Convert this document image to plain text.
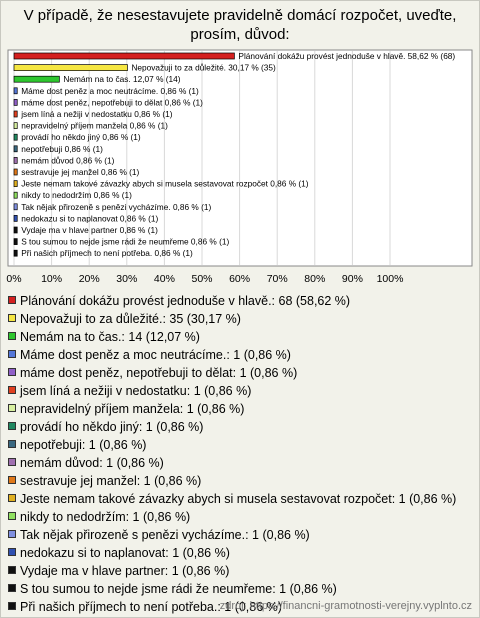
V případě, že nesestavujete pravidelně domácí rozpočet, uveďte, prosím, důvod:
0% 10% 20% 30% 40% 50% 60% 70% 80% 90% 100%
Plánování dokážu provést jednoduše v hlavě. 58,62 % (68)
Nepovažuji to za důležité. 30,17 % (35)
Nemám na to čas. 12,07 % (14)
Máme dost peněz a moc neutrácíme. 0,86 % (1)
máme dost peněz, nepotřebuji to dělat 0,86 % (1)
jsem líná a nežiji v nedostatku 0,86 % (1)
nepravidelný příjem manžela 0,86 % (1)
provádí ho někdo jiný 0,86 % (1)
nepotřebuji 0,86 % (1)
nemám důvod 0,86 % (1)
sestravuje jej manžel 0,86 % (1)
Jeste nemam takové závazky abych si musela sestavovat rozpočet 0,86 % (1)
nikdy to nedodržím 0,86 % (1)
Tak nějak přirozeně s penězi vycházíme. 0,86 % (1)
nedokazu si to naplanovat 0,86 % (1)
Vydaje ma v hlave partner 0,86 % (1)
S tou sumou to nejde jsme rádi že neumřeme 0,86 % (1)
Při našich příjmech to není potřeba. 0,86 % (1)
Plánování dokážu provést jednoduše v hlavě.: 68 (58,62 %)
Nepovažuji to za důležité.: 35 (30,17 %)
Nemám na to čas.: 14 (12,07 %)
Máme dost peněz a moc neutrácíme.: 1 (0,86 %)
máme dost peněz, nepotřebuji to dělat: 1 (0,86 %)
jsem líná a nežiji v nedostatku: 1 (0,86 %)
nepravidelný příjem manžela: 1 (0,86 %)
provádí ho někdo jiný: 1 (0,86 %)
nepotřebuji: 1 (0,86 %)
nemám důvod: 1 (0,86 %)
sestravuje jej manžel: 1 (0,86 %)
Jeste nemam takové závazky abych si musela sestavovat rozpočet: 1 (0,86 %)
nikdy to nedodržím: 1 (0,86 %)
Tak nějak přirozeně s penězi vycházíme.: 1 (0,86 %)
nedokazu si to naplanovat: 1 (0,86 %)
Vydaje ma v hlave partner: 1 (0,86 %)
S tou sumou to nejde jsme rádi že neumřeme: 1 (0,86 %)
Při našich příjmech to není potřeba.: 1 (0,86 %)
zdroj: https://financni-gramotnosti-verejny.vyplnto.cz
